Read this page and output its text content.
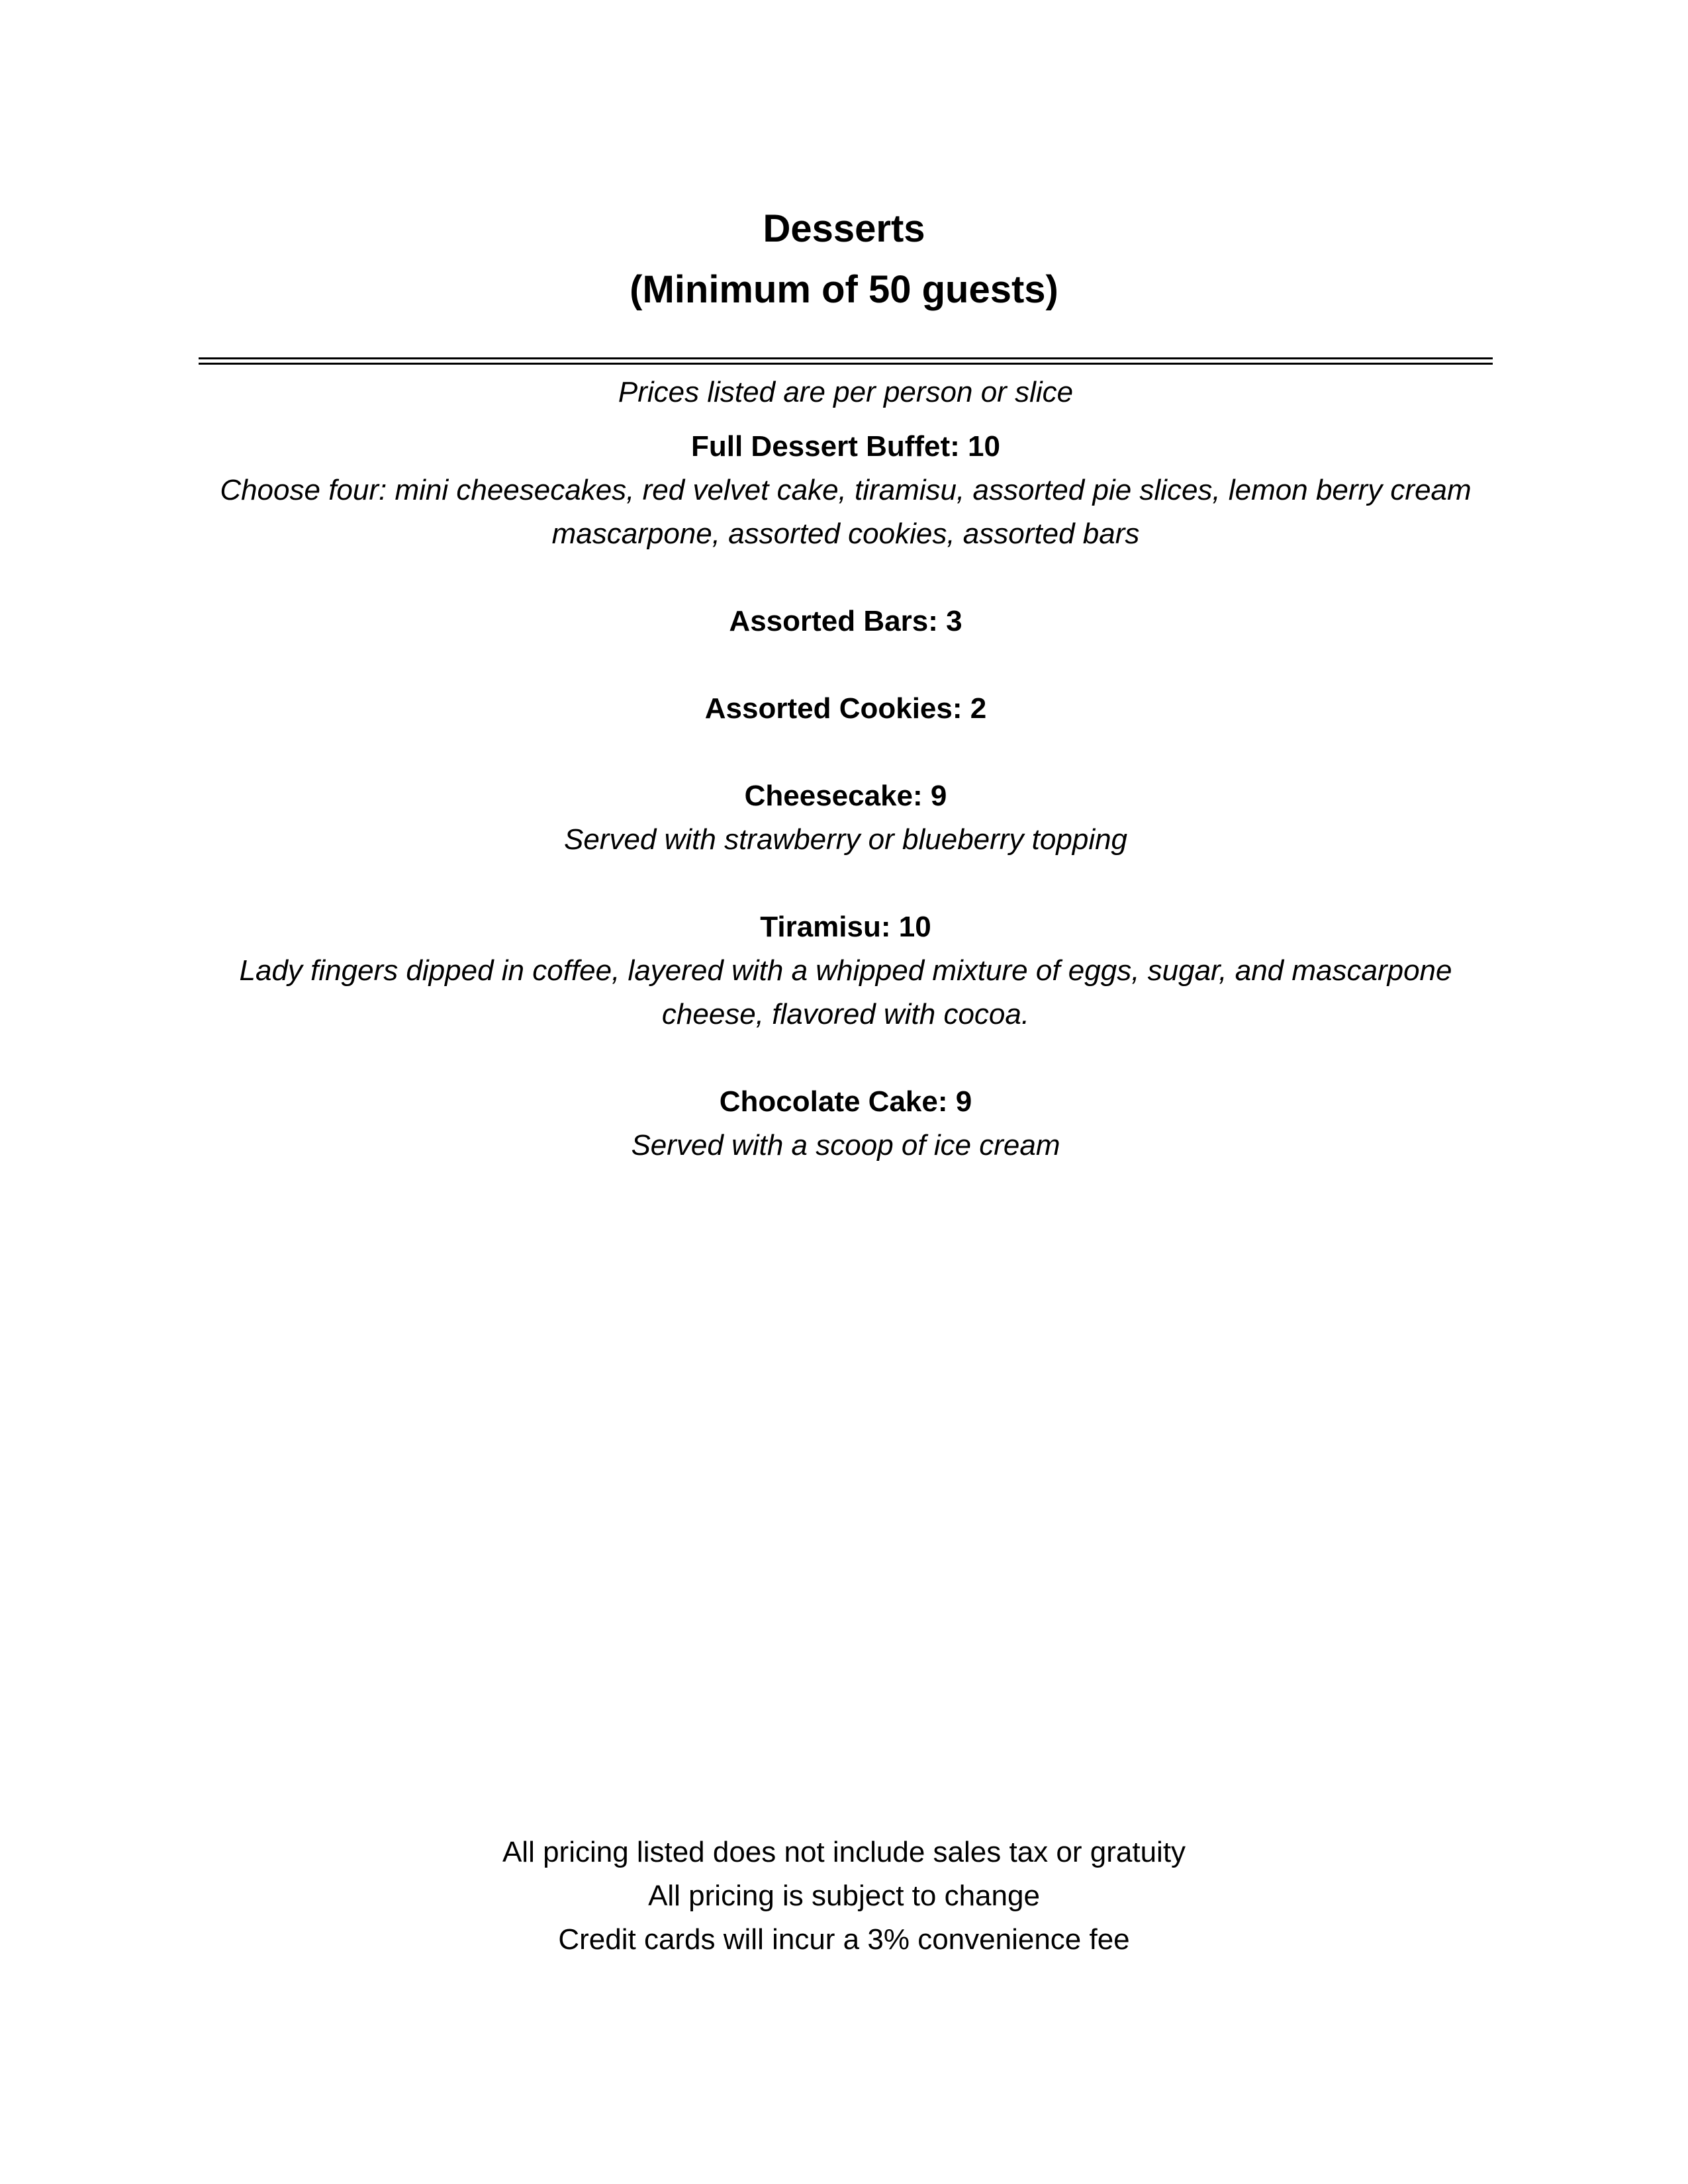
Desserts

(Minimum of 50 guests)

Prices listed are per person or slice

Full Dessert Buffet: 10

Choose four: mini cheesecakes, red velvet cake, tiramisu, assorted pie slices, lemon berry cream mascarpone, assorted cookies, assorted bars

Assorted Bars: 3

Assorted Cookies: 2

Cheesecake: 9

Served with strawberry or blueberry topping

Tiramisu: 10

Lady fingers dipped in coffee, layered with a whipped mixture of eggs, sugar, and mascarpone cheese, flavored with cocoa.

Chocolate Cake: 9

Served with a scoop of ice cream

All pricing listed does not include sales tax or gratuity

All pricing is subject to change

Credit cards will incur a 3% convenience fee
